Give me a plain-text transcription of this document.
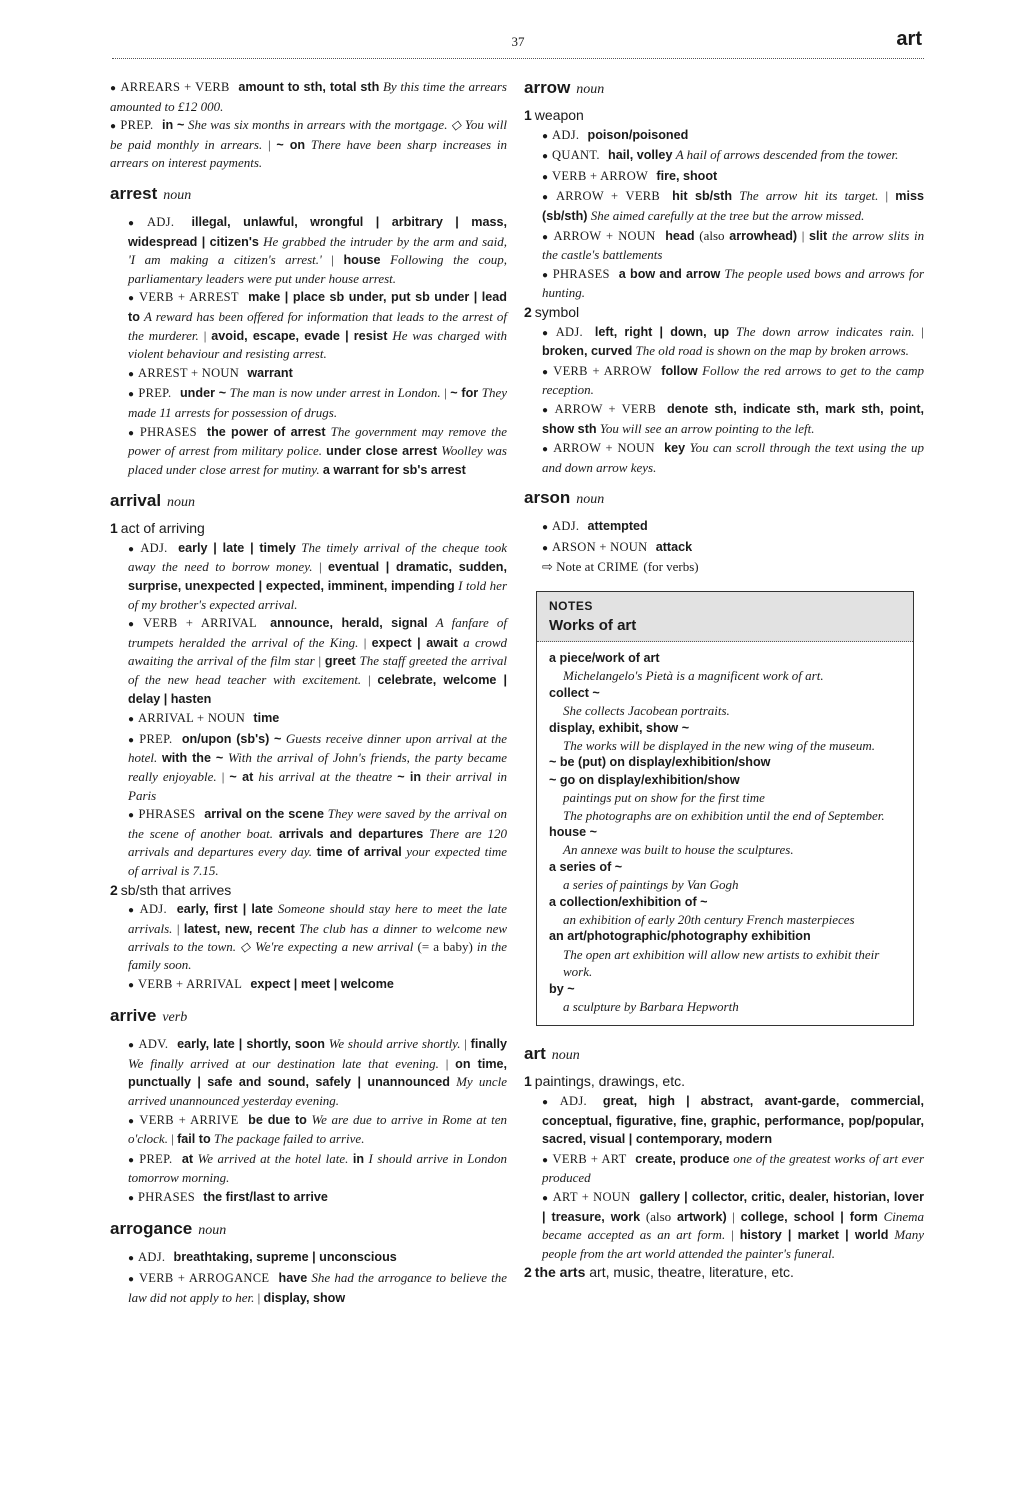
37	art
● ARREARS + VERB amount to sth, total sth By this time the arrears amounted to £12 000.
● PREP. in ~ She was six months in arrears with the mortgage. ◇ You will be paid monthly in arrears. | ~ on There have been sharp increases in arrears on interest payments.
arrest noun
● ADJ. illegal, unlawful, wrongful | arbitrary | mass, widespread | citizen's He grabbed the intruder by the arm and said, 'I am making a citizen's arrest.' | house Following the coup, parliamentary leaders were put under house arrest.
● VERB + ARREST make | place sb under, put sb under | lead to A reward has been offered for information that leads to the arrest of the murderer. | avoid, escape, evade | resist He was charged with violent behaviour and resisting arrest.
● ARREST + NOUN warrant
● PREP. under ~ The man is now under arrest in London. | ~ for They made 11 arrests for possession of drugs.
● PHRASES the power of arrest The government may remove the power of arrest from military police. under close arrest Woolley was placed under close arrest for mutiny. a warrant for sb's arrest
arrival noun
1 act of arriving
● ADJ. early | late | timely The timely arrival of the cheque took away the need to borrow money. | eventual | dramatic, sudden, surprise, unexpected | expected, imminent, impending I told her of my brother's expected arrival.
● VERB + ARRIVAL announce, herald, signal A fanfare of trumpets heralded the arrival of the King. | expect | await a crowd awaiting the arrival of the film star | greet The staff greeted the arrival of the new head teacher with excitement. | celebrate, welcome | delay | hasten
● ARRIVAL + NOUN time
● PREP. on/upon (sb's) ~ Guests receive dinner upon arrival at the hotel. with the ~ With the arrival of John's friends, the party became really enjoyable. | ~ at his arrival at the theatre ~ in their arrival in Paris
● PHRASES arrival on the scene They were saved by the arrival on the scene of another boat. arrivals and departures There are 120 arrivals and departures every day. time of arrival your expected time of arrival is 7.15.
2 sb/sth that arrives
● ADJ. early, first | late Someone should stay here to meet the late arrivals. | latest, new, recent The club has a dinner to welcome new arrivals to the town. ◇ We're expecting a new arrival (= a baby) in the family soon.
● VERB + ARRIVAL expect | meet | welcome
arrive verb
● ADV. early, late | shortly, soon We should arrive shortly. | finally We finally arrived at our destination late that evening. | on time, punctually | safe and sound, safely | unannounced My uncle arrived unannounced yesterday evening.
● VERB + ARRIVE be due to We are due to arrive in Rome at ten o'clock. | fail to The package failed to arrive.
● PREP. at We arrived at the hotel late. in I should arrive in London tomorrow morning.
● PHRASES the first/last to arrive
arrogance noun
● ADJ. breathtaking, supreme | unconscious
● VERB + ARROGANCE have She had the arrogance to believe the law did not apply to her. | display, show
arrow noun
1 weapon
● ADJ. poison/poisoned
● QUANT. hail, volley A hail of arrows descended from the tower.
● VERB + ARROW fire, shoot
● ARROW + VERB hit sb/sth The arrow hit its target. | miss (sb/sth) She aimed carefully at the tree but the arrow missed.
● ARROW + NOUN head (also arrowhead) | slit the arrow slits in the castle's battlements
● PHRASES a bow and arrow The people used bows and arrows for hunting.
2 symbol
● ADJ. left, right | down, up The down arrow indicates rain. | broken, curved The old road is shown on the map by broken arrows.
● VERB + ARROW follow Follow the red arrows to get to the camp reception.
● ARROW + VERB denote sth, indicate sth, mark sth, point, show sth You will see an arrow pointing to the left.
● ARROW + NOUN key You can scroll through the text using the up and down arrow keys.
arson noun
● ADJ. attempted
● ARSON + NOUN attack
⇨ Note at CRIME (for verbs)
NOTES
Works of art
a piece/work of art
Michelangelo's Pietà is a magnificent work of art.
collect ~
She collects Jacobean portraits.
display, exhibit, show ~
The works will be displayed in the new wing of the museum.
~ be (put) on display/exhibition/show
~ go on display/exhibition/show
paintings put on show for the first time
The photographs are on exhibition until the end of September.
house ~
An annexe was built to house the sculptures.
a series of ~
a series of paintings by Van Gogh
a collection/exhibition of ~
an exhibition of early 20th century French masterpieces
an art/photographic/photography exhibition
The open art exhibition will allow new artists to exhibit their work.
by ~
a sculpture by Barbara Hepworth
art noun
1 paintings, drawings, etc.
● ADJ. great, high | abstract, avant-garde, commercial, conceptual, figurative, fine, graphic, performance, pop/popular, sacred, visual | contemporary, modern
● VERB + ART create, produce one of the greatest works of art ever produced
● ART + NOUN gallery | collector, critic, dealer, historian, lover | treasure, work (also artwork) | college, school | form Cinema became accepted as an art form. | history | market | world Many people from the art world attended the painter's funeral.
2 the arts art, music, theatre, literature, etc.
